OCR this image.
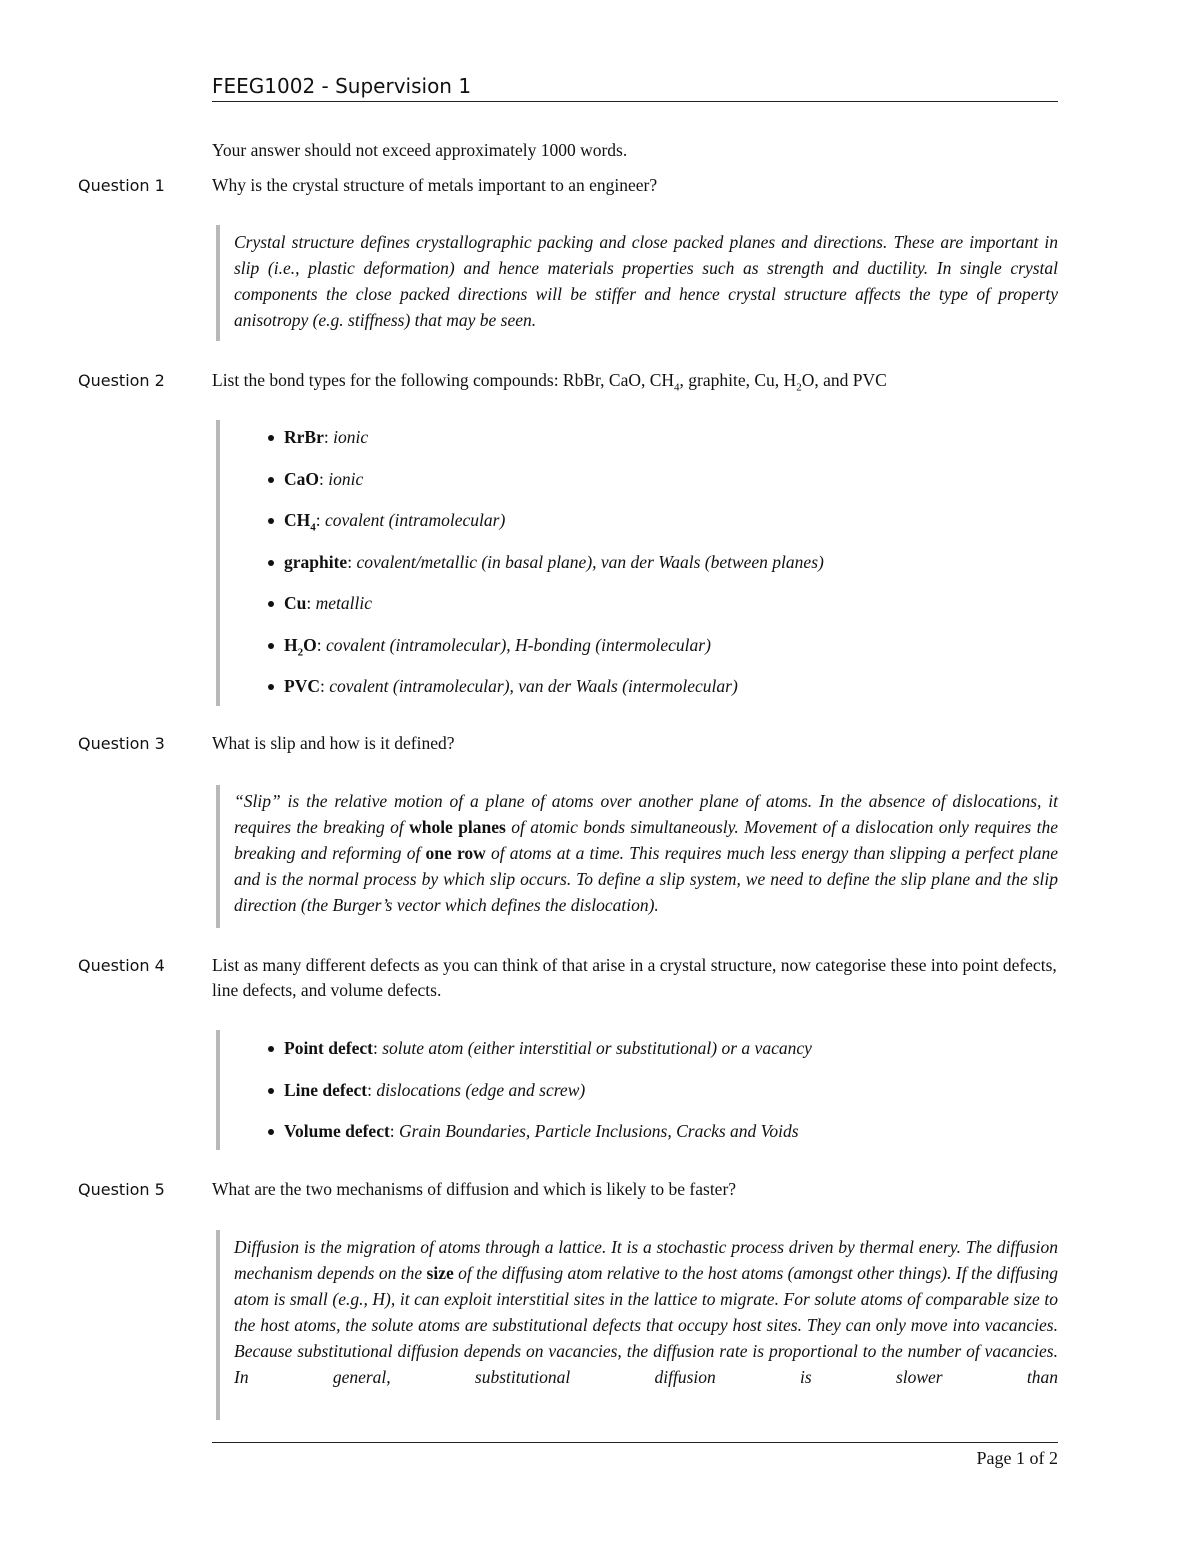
FEEG1002 - Supervision 1
Your answer should not exceed approximately 1000 words.
Question 1	Why is the crystal structure of metals important to an engineer?
Crystal structure defines crystallographic packing and close packed planes and directions. These are important in slip (i.e., plastic deformation) and hence materials properties such as strength and ductility. In single crystal components the close packed directions will be stiffer and hence crystal structure affects the type of property anisotropy (e.g. stiffness) that may be seen.
Question 2	List the bond types for the following compounds: RbBr, CaO, $CH_4$, graphite, Cu, $H_2O$, and PVC
RrBr: ionic
CaO: ionic
$CH_4$: covalent (intramolecular)
graphite: covalent/metallic (in basal plane), van der Waals (between planes)
Cu: metallic
$H_2O$: covalent (intramolecular), H-bonding (intermolecular)
PVC: covalent (intramolecular), van der Waals (intermolecular)
Question 3	What is slip and how is it defined?
“Slip” is the relative motion of a plane of atoms over another plane of atoms. In the absence of dislocations, it requires the breaking of whole planes of atomic bonds simultaneously. Movement of a dislocation only requires the breaking and reforming of one row of atoms at a time. This requires much less energy than slipping a perfect plane and is the normal process by which slip occurs. To define a slip system, we need to define the slip plane and the slip direction (the Burger’s vector which defines the dislocation).
Question 4	List as many different defects as you can think of that arise in a crystal structure, now categorise these into point defects, line defects, and volume defects.
Point defect: solute atom (either interstitial or substitutional) or a vacancy
Line defect: dislocations (edge and screw)
Volume defect: Grain Boundaries, Particle Inclusions, Cracks and Voids
Question 5	What are the two mechanisms of diffusion and which is likely to be faster?
Diffusion is the migration of atoms through a lattice. It is a stochastic process driven by thermal enery. The diffusion mechanism depends on the size of the diffusing atom relative to the host atoms (amongst other things). If the diffusing atom is small (e.g., H), it can exploit interstitial sites in the lattice to migrate. For solute atoms of comparable size to the host atoms, the solute atoms are substitutional defects that occupy host sites. They can only move into vacancies. Because substitutional diffusion depends on vacancies, the diffusion rate is proportional to the number of vacancies. In general, substitutional diffusion is slower than
Page 1 of 2
